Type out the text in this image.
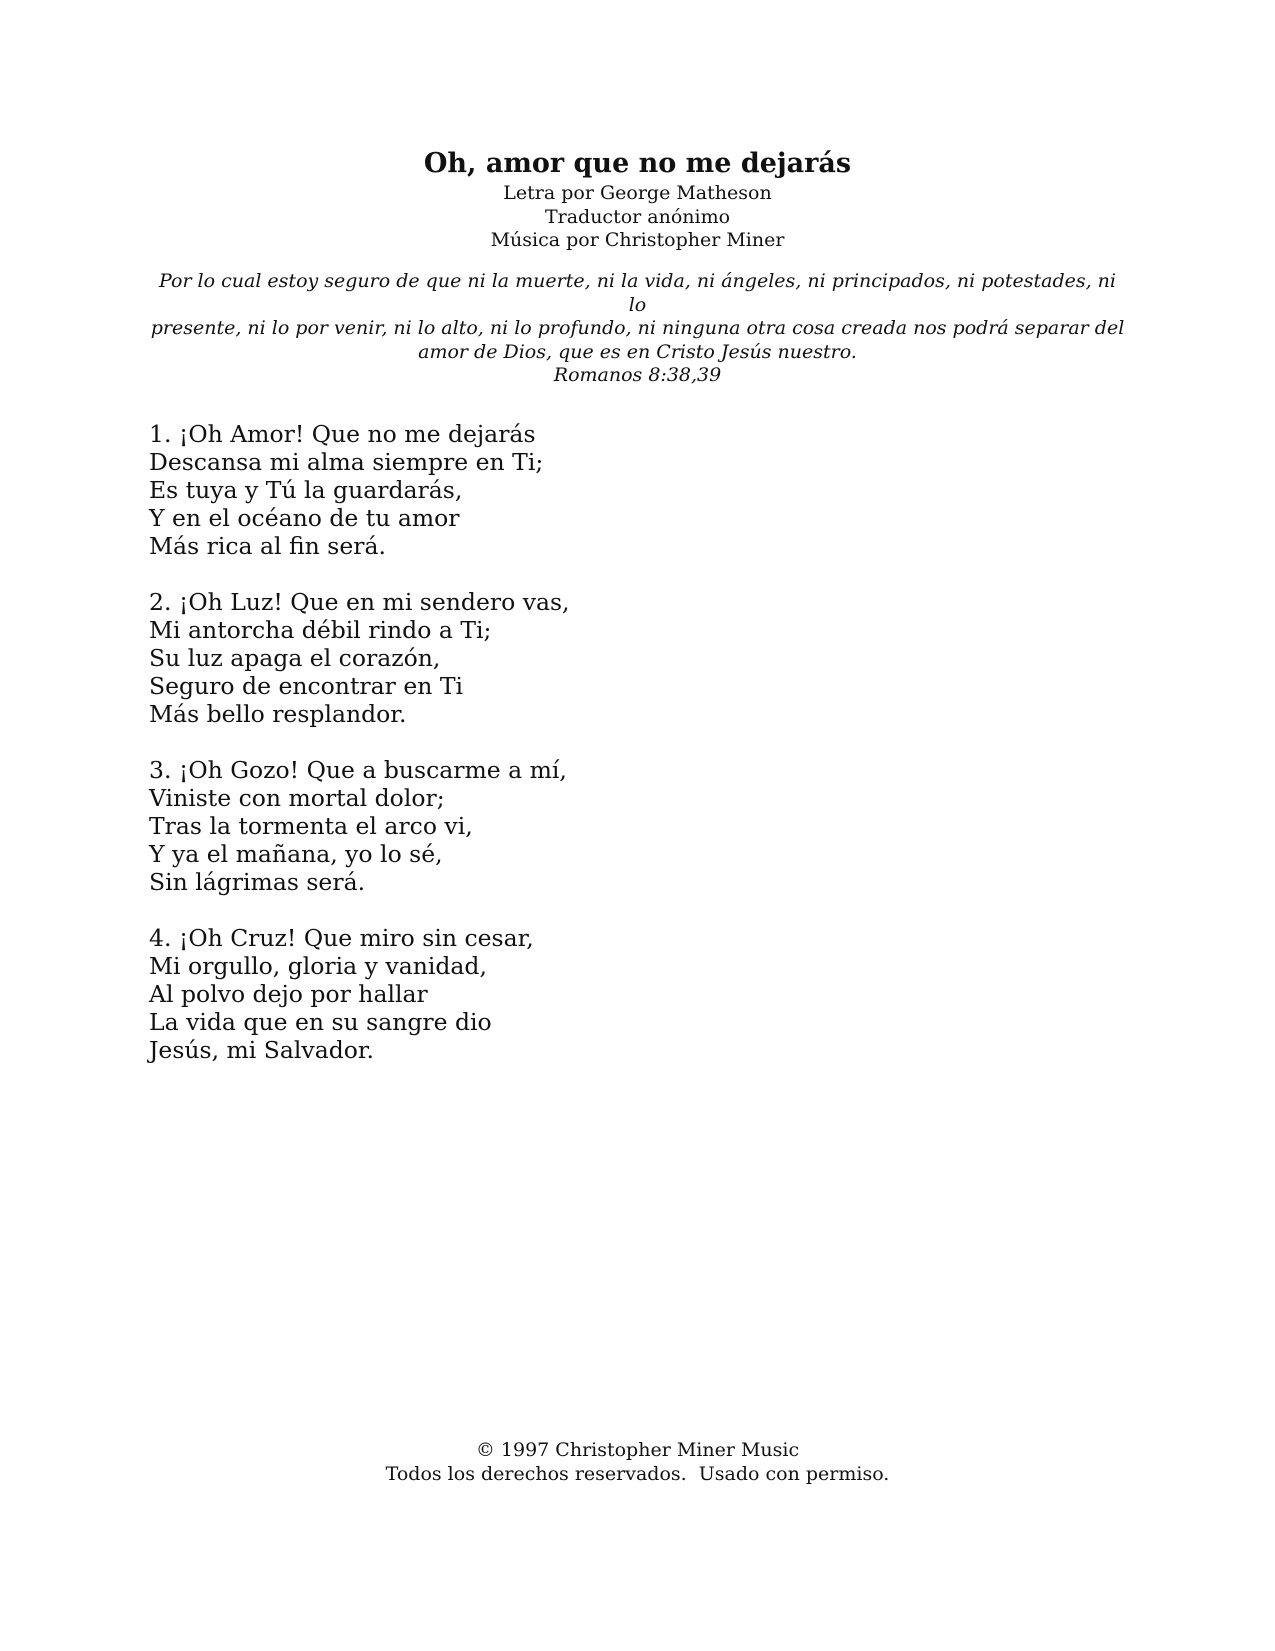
Oh, amor que no me dejarás

Letra por George Matheson

Traductor anónimo

Música por Christopher Miner

Por lo cual estoy seguro de que ni la muerte, ni la vida, ni ángeles, ni principados, ni potestades, ni lo

presente, ni lo por venir, ni lo alto, ni lo profundo, ni ninguna otra cosa creada nos podrá separar del

amor de Dios, que es en Cristo Jesús nuestro.

Romanos 8:38,39

1. ¡Oh Amor! Que no me dejarás
Descansa mi alma siempre en Ti;
Es tuya y Tú la guardarás,
Y en el océano de tu amor
Más rica al fin será.
2. ¡Oh Luz! Que en mi sendero vas,
Mi antorcha débil rindo a Ti;
Su luz apaga el corazón,
Seguro de encontrar en Ti
Más bello resplandor.
3. ¡Oh Gozo! Que a buscarme a mí,
Viniste con mortal dolor;
Tras la tormenta el arco vi,
Y ya el mañana, yo lo sé,
Sin lágrimas será.
4. ¡Oh Cruz! Que miro sin cesar,
Mi orgullo, gloria y vanidad,
Al polvo dejo por hallar
La vida que en su sangre dio
Jesús, mi Salvador.
© 1997 Christopher Miner Music
Todos los derechos reservados.  Usado con permiso.
